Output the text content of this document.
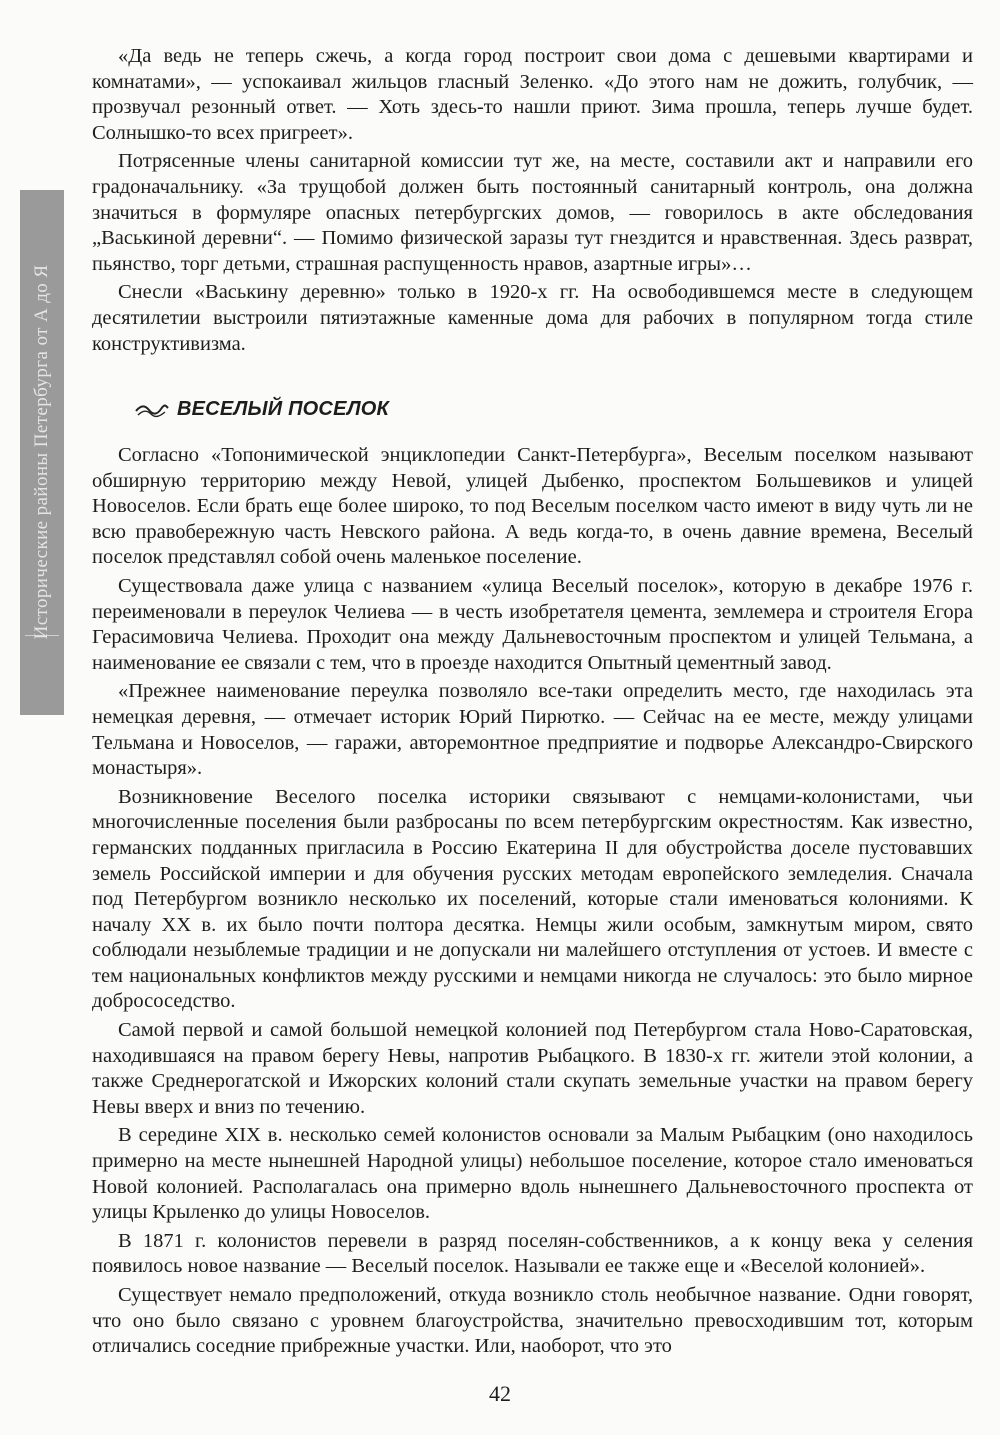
Исторические районы Петербурга от А до Я

«Да ведь не теперь сжечь, а когда город построит свои дома с дешевыми квартирами и комнатами», — успокаивал жильцов гласный Зеленко. «До этого нам не дожить, голубчик, — прозвучал резонный ответ. — Хоть здесь-то нашли приют. Зима прошла, теперь лучше будет. Солнышко-то всех пригреет».

Потрясенные члены санитарной комиссии тут же, на месте, составили акт и направили его градоначальнику. «За трущобой должен быть постоянный санитарный контроль, она должна значиться в формуляре опасных петербургских домов, — говорилось в акте обследования „Васькиной деревни“. — Помимо физической заразы тут гнездится и нравственная. Здесь разврат, пьянство, торг детьми, страшная распущенность нравов, азартные игры»…

Снесли «Васькину деревню» только в 1920-х гг. На освободившемся месте в следующем десятилетии выстроили пятиэтажные каменные дома для рабочих в популярном тогда стиле конструктивизма.

ВЕСЕЛЫЙ ПОСЕЛОК

Согласно «Топонимической энциклопедии Санкт-Петербурга», Веселым поселком называют обширную территорию между Невой, улицей Дыбенко, проспектом Большевиков и улицей Новоселов. Если брать еще более широко, то под Веселым поселком часто имеют в виду чуть ли не всю правобережную часть Невского района. А ведь когда-то, в очень давние времена, Веселый поселок представлял собой очень маленькое поселение.

Существовала даже улица с названием «улица Веселый поселок», которую в декабре 1976 г. переименовали в переулок Челиева — в честь изобретателя цемента, землемера и строителя Егора Герасимовича Челиева. Проходит она между Дальневосточным проспектом и улицей Тельмана, а наименование ее связали с тем, что в проезде находится Опытный цементный завод.

«Прежнее наименование переулка позволяло все-таки определить место, где находилась эта немецкая деревня, — отмечает историк Юрий Пирютко. — Сейчас на ее месте, между улицами Тельмана и Новоселов, — гаражи, авторемонтное предприятие и подворье Александро-Свирского монастыря».

Возникновение Веселого поселка историки связывают с немцами-колонистами, чьи многочисленные поселения были разбросаны по всем петербургским окрестностям. Как известно, германских подданных пригласила в Россию Екатерина II для обустройства доселе пустовавших земель Российской империи и для обучения русских методам европейского земледелия. Сначала под Петербургом возникло несколько их поселений, которые стали именоваться колониями. К началу XX в. их было почти полтора десятка. Немцы жили особым, замкнутым миром, свято соблюдали незыблемые традиции и не допускали ни малейшего отступления от устоев. И вместе с тем национальных конфликтов между русскими и немцами никогда не случалось: это было мирное добрососедство.

Самой первой и самой большой немецкой колонией под Петербургом стала Ново-Саратовская, находившаяся на правом берегу Невы, напротив Рыбацкого. В 1830-х гг. жители этой колонии, а также Среднерогатской и Ижорских колоний стали скупать земельные участки на правом берегу Невы вверх и вниз по течению.

В середине XIX в. несколько семей колонистов основали за Малым Рыбацким (оно находилось примерно на месте нынешней Народной улицы) небольшое поселение, которое стало именоваться Новой колонией. Располагалась она примерно вдоль нынешнего Дальневосточного проспекта от улицы Крыленко до улицы Новоселов.

В 1871 г. колонистов перевели в разряд поселян-собственников, а к концу века у селения появилось новое название — Веселый поселок. Называли ее также еще и «Веселой колонией».

Существует немало предположений, откуда возникло столь необычное название. Одни говорят, что оно было связано с уровнем благоустройства, значительно превосходившим тот, которым отличались соседние прибрежные участки. Или, наоборот, что это

42
